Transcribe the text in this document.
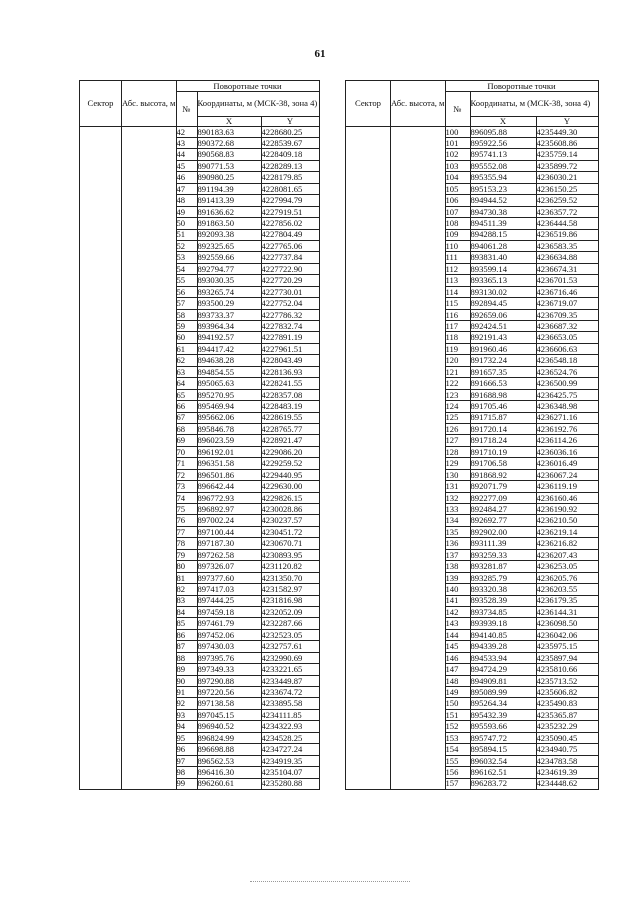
61
Сектор	Абс. высота, м	Поворотные точки		
		№	Координаты, м (МСК-38, зона 4)	
			X	Y
		42	890183.63	4228680.25
		43	890372.68	4228539.67
		44	890568.83	4228409.18
		45	890771.53	4228289.13
		46	890980.25	4228179.85
		47	891194.39	4228081.65
		48	891413.39	4227994.79
		49	891636.62	4227919.51
		50	891863.50	4227856.02
		51	892093.38	4227804.49
		52	892325.65	4227765.06
		53	892559.66	4227737.84
		54	892794.77	4227722.90
		55	893030.35	4227720.29
		56	893265.74	4227730.01
		57	893500.29	4227752.04
		58	893733.37	4227786.32
		59	893964.34	4227832.74
		60	894192.57	4227891.19
		61	894417.42	4227961.51
		62	894638.28	4228043.49
		63	894854.55	4228136.93
		64	895065.63	4228241.55
		65	895270.95	4228357.08
		66	895469.94	4228483.19
		67	895662.06	4228619.55
		68	895846.78	4228765.77
		69	896023.59	4228921.47
		70	896192.01	4229086.20
		71	896351.58	4229259.52
		72	896501.86	4229440.95
		73	896642.44	4229630.00
		74	896772.93	4229826.15
		75	896892.97	4230028.86
		76	897002.24	4230237.57
		77	897100.44	4230451.72
		78	897187.30	4230670.71
		79	897262.58	4230893.95
		80	897326.07	4231120.82
		81	897377.60	4231350.70
		82	897417.03	4231582.97
		83	897444.25	4231816.98
		84	897459.18	4232052.09
		85	897461.79	4232287.66
		86	897452.06	4232523.05
		87	897430.03	4232757.61
		88	897395.76	4232990.69
		89	897349.33	4233221.65
		90	897290.88	4233449.87
		91	897220.56	4233674.72
		92	897138.58	4233895.58
		93	897045.15	4234111.85
		94	896940.52	4234322.93
		95	896824.99	4234528.25
		96	896698.88	4234727.24
		97	896562.53	4234919.35
		98	896416.30	4235104.07
		99	896260.61	4235280.88
Сектор	Абс. высота, м	Поворотные точки		
		№	Координаты, м (МСК-38, зона 4)	
			X	Y
		100	896095.88	4235449.30
		101	895922.56	4235608.86
		102	895741.13	4235759.14
		103	895552.08	4235899.72
		104	895355.94	4236030.21
		105	895153.23	4236150.25
		106	894944.52	4236259.52
		107	894730.38	4236357.72
		108	894511.39	4236444.58
		109	894288.15	4236519.86
		110	894061.28	4236583.35
		111	893831.40	4236634.88
		112	893599.14	4236674.31
		113	893365.13	4236701.53
		114	893130.02	4236716.46
		115	892894.45	4236719.07
		116	892659.06	4236709.35
		117	892424.51	4236687.32
		118	892191.43	4236653.05
		119	891960.46	4236606.63
		120	891732.24	4236548.18
		121	891657.35	4236524.76
		122	891666.53	4236500.99
		123	891688.98	4236425.75
		124	891705.46	4236348.98
		125	891715.87	4236271.16
		126	891720.14	4236192.76
		127	891718.24	4236114.26
		128	891710.19	4236036.16
		129	891706.58	4236016.49
		130	891868.92	4236067.24
		131	892071.79	4236119.19
		132	892277.09	4236160.46
		133	892484.27	4236190.92
		134	892692.77	4236210.50
		135	892902.00	4236219.14
		136	893111.39	4236216.82
		137	893259.33	4236207.43
		138	893281.87	4236253.05
		139	893285.79	4236205.76
		140	893320.38	4236203.55
		141	893528.39	4236179.35
		142	893734.85	4236144.31
		143	893939.18	4236098.50
		144	894140.85	4236042.06
		145	894339.28	4235975.15
		146	894533.94	4235897.94
		147	894724.29	4235810.66
		148	894909.81	4235713.52
		149	895089.99	4235606.82
		150	895264.34	4235490.83
		151	895432.39	4235365.87
		152	895593.66	4235232.29
		153	895747.72	4235090.45
		154	895894.15	4234940.75
		155	896032.54	4234783.58
		156	896162.51	4234619.39
		157	896283.72	4234448.62
